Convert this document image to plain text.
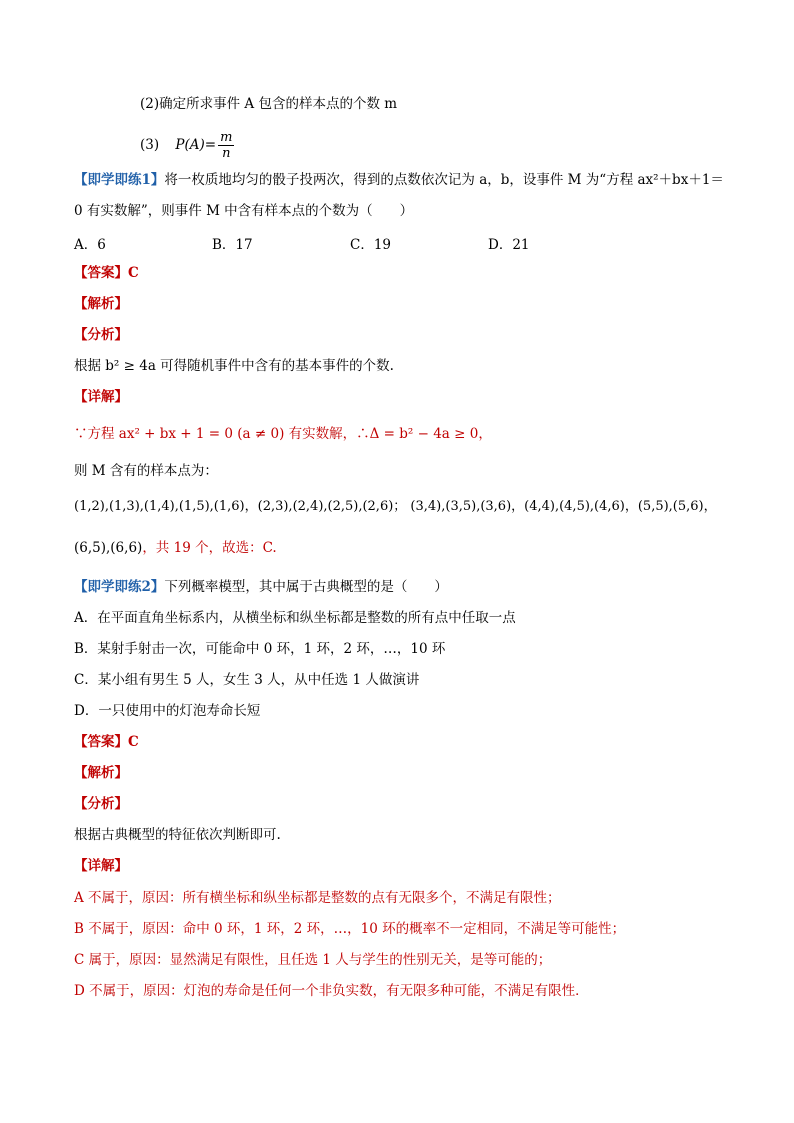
(2)确定所求事件 A 包含的样本点的个数 m
(3) $P(A)= \frac{m}{n}$
【即学即练1】将一枚质地均匀的骰子投两次，得到的点数依次记为 a，b，设事件 M 为“方程 ax²＋bx＋1＝
0 有实数解”，则事件 M 中含有样本点的个数为（　　）
A．6	B．17	C．19	D．21
【答案】C
【解析】
【分析】
根据 b² ≥ 4a 可得随机事件中含有的基本事件的个数.
【详解】
∵方程 ax² + bx + 1 = 0 (a ≠ 0) 有实数解，∴Δ = b² − 4a ≥ 0，
则 M 含有的样本点为：
(1,2),(1,3),(1,4),(1,5),(1,6)，(2,3),(2,4),(2,5),(2,6)； (3,4),(3,5),(3,6)，(4,4),(4,5),(4,6)，(5,5),(5,6)，
(6,5),(6,6)，共 19 个，故选：C.
【即学即练2】下列概率模型，其中属于古典概型的是（　　）
A．在平面直角坐标系内，从横坐标和纵坐标都是整数的所有点中任取一点
B．某射手射击一次，可能命中 0 环，1 环，2 环，…，10 环
C．某小组有男生 5 人，女生 3 人，从中任选 1 人做演讲
D．一只使用中的灯泡寿命长短
【答案】C
【解析】
【分析】
根据古典概型的特征依次判断即可.
【详解】
A 不属于，原因：所有横坐标和纵坐标都是整数的点有无限多个，不满足有限性；
B 不属于，原因：命中 0 环，1 环，2 环，…，10 环的概率不一定相同，不满足等可能性；
C 属于，原因：显然满足有限性，且任选 1 人与学生的性别无关，是等可能的；
D 不属于，原因：灯泡的寿命是任何一个非负实数，有无限多种可能，不满足有限性．
